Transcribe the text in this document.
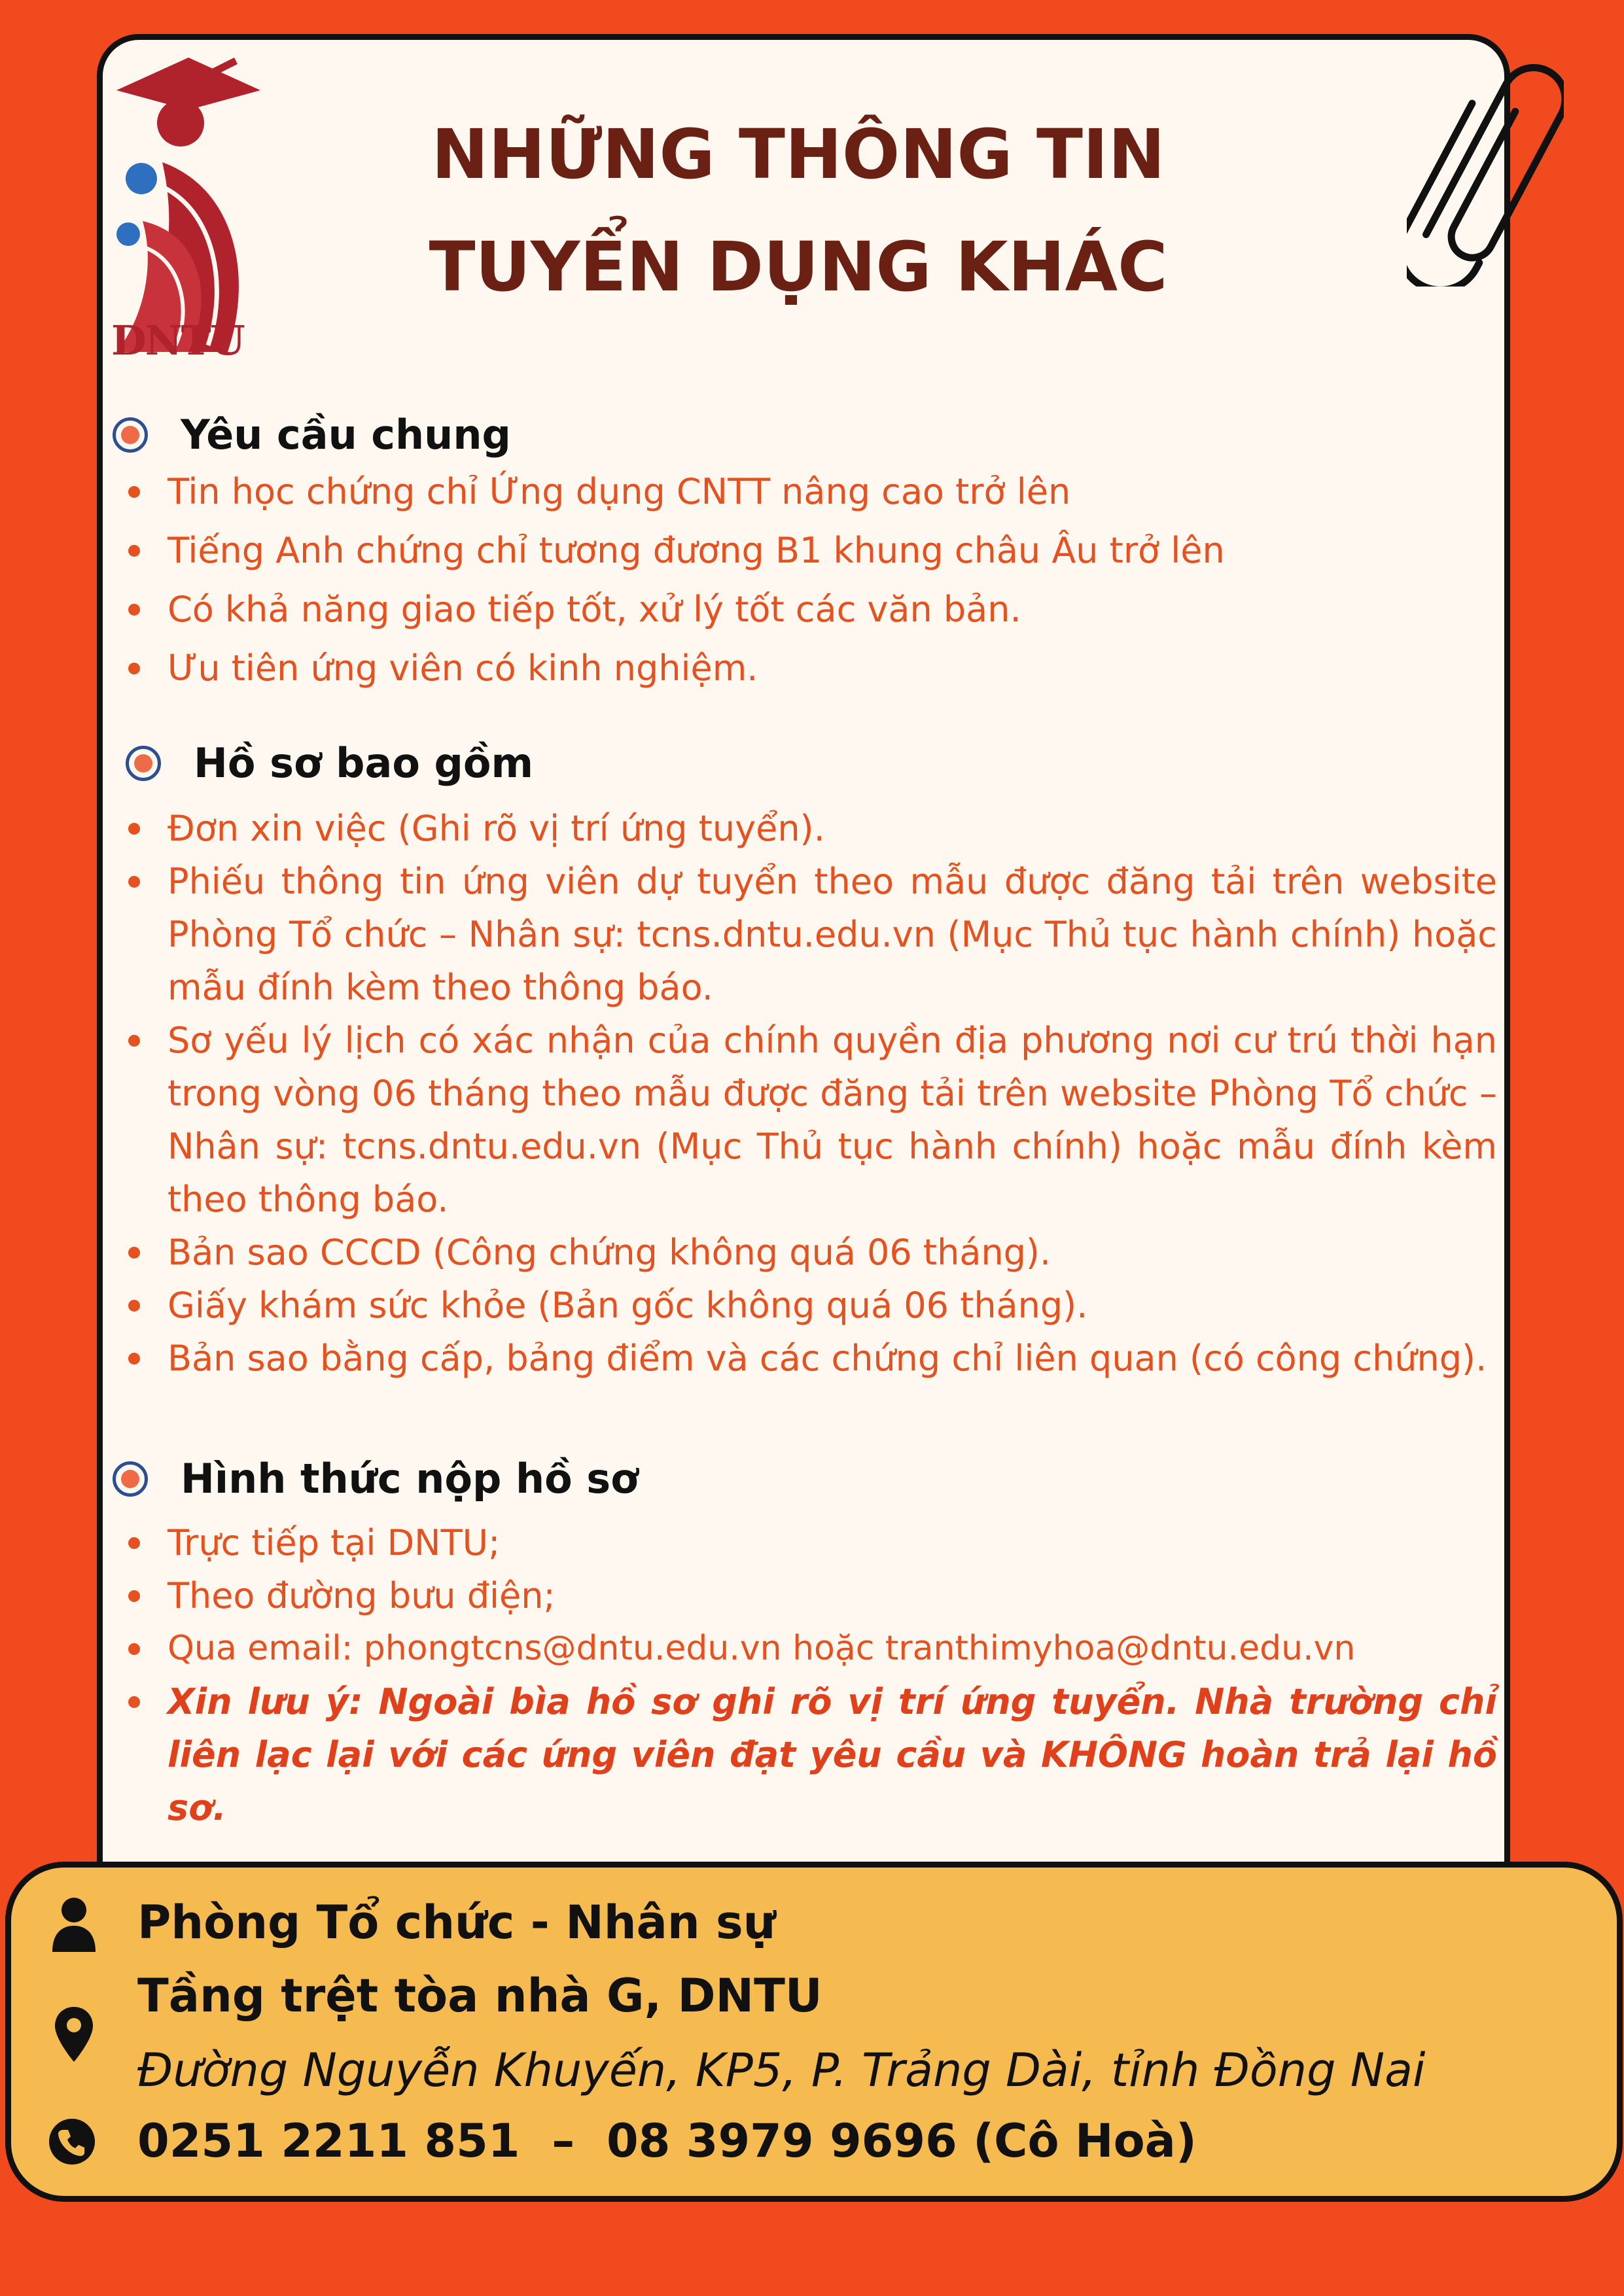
DNTU
NHỮNG THÔNG TIN
TUYỂN DỤNG KHÁC
Yêu cầu chung
Tin học chứng chỉ Ứng dụng CNTT nâng cao trở lên
Tiếng Anh chứng chỉ tương đương B1 khung châu Âu trở lên
Có khả năng giao tiếp tốt, xử lý tốt các văn bản.
Ưu tiên ứng viên có kinh nghiệm.
Hồ sơ bao gồm
Đơn xin việc (Ghi rõ vị trí ứng tuyển).
Phiếu thông tin ứng viên dự tuyển theo mẫu được đăng tải trên website Phòng Tổ chức – Nhân sự: tcns.dntu.edu.vn (Mục Thủ tục hành chính) hoặc mẫu đính kèm theo thông báo.
Sơ yếu lý lịch có xác nhận của chính quyền địa phương nơi cư trú thời hạn trong vòng 06 tháng theo mẫu được đăng tải trên website Phòng Tổ chức – Nhân sự: tcns.dntu.edu.vn (Mục Thủ tục hành chính) hoặc mẫu đính kèm theo thông báo.
Bản sao CCCD (Công chứng không quá 06 tháng).
Giấy khám sức khỏe (Bản gốc không quá 06 tháng).
Bản sao bằng cấp, bảng điểm và các chứng chỉ liên quan (có công chứng).
Hình thức nộp hồ sơ
Trực tiếp tại DNTU;
Theo đường bưu điện;
Qua email: phongtcns@dntu.edu.vn hoặc tranthimyhoa@dntu.edu.vn
Xin lưu ý: Ngoài bìa hồ sơ ghi rõ vị trí ứng tuyển. Nhà trường chỉ liên lạc lại với các ứng viên đạt yêu cầu và KHÔNG hoàn trả lại hồ sơ.

Phòng Tổ chức - Nhân sự

Tầng trệt tòa nhà G, DNTU

Đường Nguyễn Khuyến, KP5, P. Trảng Dài, tỉnh Đồng Nai

0251 2211 851  –  08 3979 9696 (Cô Hoà)
